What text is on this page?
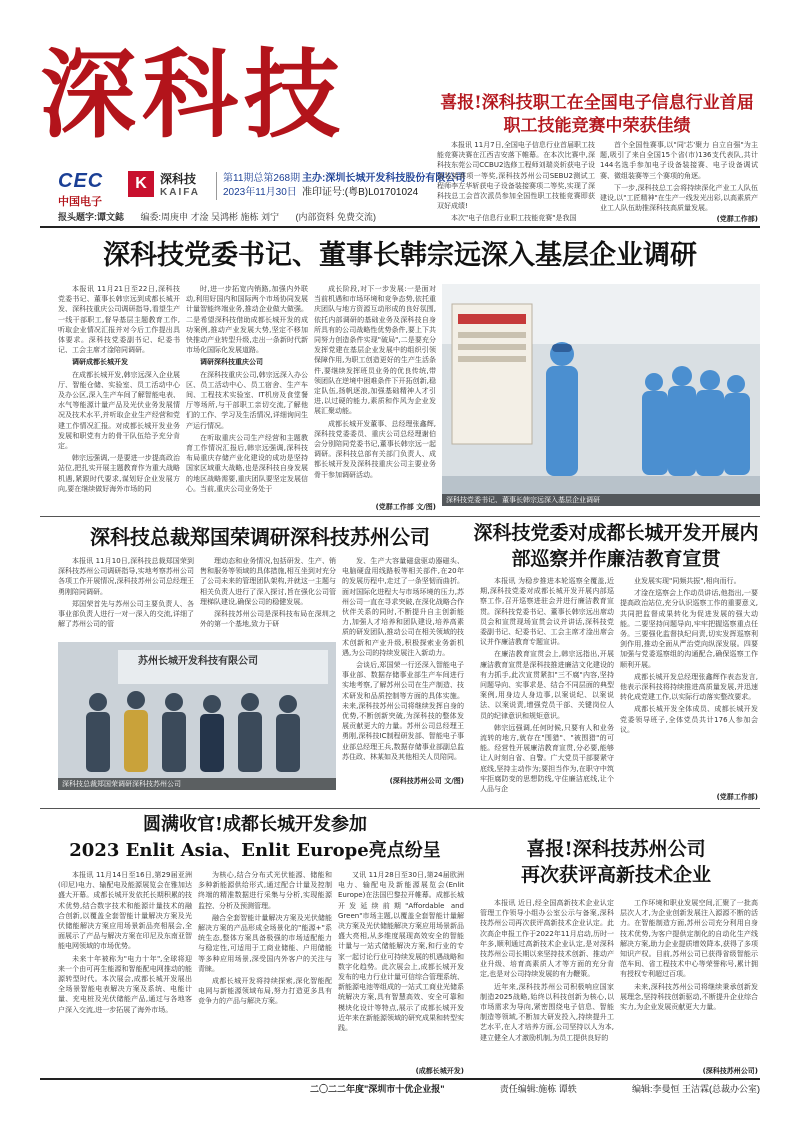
深科技
CEC
中国电子
K	深科技
KAIFA
第11期总第268期
2023年11月30日
主办:深圳长城开发科技股份有限公司
准印证号:(粤B)L01701024
报头题字:谭文鋕 编委:周庚申 才淦 吴鸿彬 施栋 刘宁 (内部资料 免费交流)
喜报!深科技职工在全国电子信息行业首届职工技能竞赛中荣获佳绩

本报讯 11月7日,全国电子信息行业首届职工技能竞赛决赛在江西吉安落下帷幕。在本次比赛中,深科技东莞公司CCBU2选修工程师刘瑞炎斩获电子设备装接赛项一等奖,深科技苏州公司SEBU2测试工程师李左华斩获电子设备装接赛项二等奖,实现了深科技总工会首次派员参加全国性职工技能竞赛即获双好成绩!

本次"电子信息行业职工技能竞赛"是我国

首个全国性赛事,以"同'芯'聚力 自立自强"为主题,吸引了来自全国15个省(市)136支代表队,共计144名选手参加电子设备装接赛、电子设备调试赛、微组装赛等三个赛项的角逐。

下一步,深科技总工会将持续深化产业工人队伍建设,以"工匠精神"在生产一线发光出彩,以高素质产业工人队伍助推深科技高质量发展。

(党群工作部)
深科技党委书记、董事长韩宗远深入基层企业调研

本报讯 11月21日至22日,深科技党委书记、董事长韩宗远到成都长城开发、深科技重庆公司调研指导,看望生产一线干部职工,督导基层主题教育工作,听取企业情况汇报并对今后工作提出具体要求。深科技党委副书记、纪委书记、工会主席才淦陪同调研。

调研成都长城开发

在成都长城开发,韩宗远深入企业展厅、智能仓储、实验室、员工活动中心及办公区,深入生产车间了解智能电表、水气等能源计量产品及光伏业务发展情况及技术水平,并听取企业生产经营和党建工作情况汇报。对成都长城开发业务发展和职党有力的骨干队伍给予充分肯定。

韩宗远强调,一是要进一步提高政治站位,把扎实开展主题教育作为重大战略机遇,紧跟时代要求,谋划好企业发展方向,要在继续做好海外市场的同

时,进一步拓宽内销路,加强内外联动,利用好国内和国际两个市场协同发展计量智能终端业务,推动企业做大做强。二是希望深科技借助成都长城开发的成功案例,推动产业发展大势,坚定不移加快推动产业转型升级,走出一条新时代新市场化国际化发展道路。

调研深科技重庆公司

在深科技重庆公司,韩宗远深入办公区、员工活动中心、员工宿舍、生产车间、工程技术实验室、IT机房及食堂餐厅等场所,与干部职工亲切交流,了解他们的工作、学习及生活情况,详细询问生产运行情况。

在听取重庆公司生产经营和主题教育工作情况汇报后,韩宗远强调,深科技布局重庆存储产业化建设的成功是坚持国家区域重大战略,也是深科技自身发展的地区战略需要,重庆团队要坚定发展信心。当前,重庆公司业务处于

成长阶段,对下一步发展:一是面对当前机遇和市场环境和竞争态势,依托重庆团队与地方资源互动形成的良好氛围,依托内部调研的基础业务及深科技自身所具有的公司战略性优势条件,要上下共同努力创造条件实现"破局",二是要充分发挥党建在基层企业发展中的组织引领保障作用,为职工创造更好的生产生活条件,要继续发挥班员业务的优良传统,带领团队在逆境中困难条件下开拓创新,稳定队伍,扬帆逐浪,加强基础精神人才引进,以过硬的能力,素质和作风为企业发展汇聚动能。

成都长城开发董事、总经理张鑫辉,深科技党委委员、重庆公司总经理谢伯会分别陪同党委书记,董事长韩宗远一起调研。深科技总部有关部门负责人、成都长城开发及深科技重庆公司主要业务骨干参加调研活动。

(党群工作部 文/图)
深科技党委书记、董事长韩宗远深入基层企业调研
深科技总裁郑国荣调研深科技苏州公司

本报讯 11月10日,深科技总裁郑国荣到深科技苏州公司调研指导,实地考察苏州公司各项工作开展情况,深科技苏州公司总经理王勇刚陪同调研。

郑国荣首先与苏州公司主要负责人、各事业部负责人进行一对一深入的交流,详细了解了苏州公司的管

理动态和业务情况,包括研发、生产、销售和服务等领域的具体措施,相互坐到对充分了公司未来的管理团队架构,并就这一主题与相关负责人进行了深入探讨,旨在强化公司管理梯队建设,确保公司的稳健发展。

深科技苏州公司是深科技布局在深圳之外的第一个基地,致力于研

发、生产大容量磁盘驱动器磁头、电脑硬盘用线路板等相关部件,在20年的发展历程中,走过了一条坚韧而曲折。面对国际化进程大与市场环境的压力,苏州公司一直在寻求突破,在深化战略合作伙伴关系的同时,不断提升自主创新能力,加强人才培养和团队建设,培养高素质的研发团队,推动公司在相关领域的技术创新和产业升级,积极探索业务新机遇,为公司的持续发展注入新动力。

会谈后,郑国荣一行还深入智能电子事业部、数据存储事业部生产车间进行实地考察,了解苏州公司在生产制造、技术研发和品质控制等方面的具体实施。未来,深科技苏州公司将继续发挥自身的优势,不断创新突破,为深科技的整体发展贡献更大的力量。苏州公司总经理王勇刚,深科技IC制程研发部、智能电子事业部总经理王兵,数据存储事业部副总监苏住政、林某如及其他相关人员陪同。

(深科技苏州公司 文/图)
苏州长城开发科技有限公司
深科技总裁郑国荣调研深科技苏州公司
深科技党委对成都长城开发开展内部巡察并作廉洁教育宣贯

本报讯 为稳步推进本轮巡察全覆盖,近期,深科技党委对成都长城开发开展内部巡察工作,召开巡察进驻会并进行廉洁教育宣贯。深科技党委书记、董事长韩宗远出席动员会和宣贯现场宣贯会议并讲话,深科技党委副书记、纪委书记、工会主席才淦出席会议并作廉洁教育专题宣讲。

在廉洁教育宣贯会上,韩宗远指出,开展廉洁教育宣贯是深科技推进廉洁文化建设的有力抓手,此次宣贯紧扣"三不腐"内容,坚持问题导向、实事求是、结合不同层面的典型案例,用身边人身边事,以案说纪、以案说法、以案说责,增强党员干部、关键岗位人员的纪律意识和规矩意识。

韩宗远强调,任何时候,只要有人和业务流转的地方,就存在"围猎"、"被围猎"的可能。经营性开展廉洁教育宣贯,分必要,能够让人时刻自省、自警。广大党员干部要紧守底线,坚持主动作为;要担当作为,在职守中筑牢拒腐防变的思想防线,守住廉洁底线,让个人品与企

业发展实现"同频共振",相向而行。

才淦在巡察会上作动员讲话,他指出,一要提高政治站位,充分认识巡察工作的重要意义,共同把监督成果转化为促进发展的强大动能。二要坚持问题导向,牢牢把握巡察重点任务。三要强化监督执纪问责,切实发挥巡察利剑作用,推动全面从严治党向纵深发展。四要加强与党委巡察组的沟通配合,确保巡察工作顺利开展。

成都长城开发总经理张鑫辉作表态发言,他表示深科技将持续推进高质量发展,并迅速转化成党建工作,以实际行动落实整改要求。

成都长城开发全体成员、成都长城开发党委领导班子,全体党员共计176人参加会议。

(党群工作部)
圆满收官!成都长城开发参加
2023 Enlit Asia、Enlit Europe亮点纷呈

本报讯 11月14日至16日,第29届亚洲(印尼)电力、输配电及能源展览会在雅加达盛大开幕。成都长城开发依托长期积累的技术优势,结合数字技术和能源计量技术的融合创新,以覆盖全套智能计量解决方案及光伏储能解决方案应用场景新品亮相展会,全面展示了产品与解决方案在印尼及东南亚智能电网领域的市场优势。

未来十年被称为"电力十年",全球将迎来一个由可再生能源和智能配电网推动的能源转型时代。本次展会,成都长城开发展出全场景智能电表解决方案及系统、电能计量、充电桩及光伏储能产品,通过与各地客户深入交流,进一步拓展了海外市场。

为核心,结合分布式光伏能源、储能和多种新能源供给形式,通过配合计量及控制终端的精准数据进行采集与分析,实现能源监控、分析及预测管理。

融合全套智能计量解决方案及光伏储能解决方案的产品形成全场景化的"能源+"系统生态,整体方案具备极强的市场适配能力与稳定性,可适用于工商业储能、户用储能等多种应用场景,深受国内外客户的关注与青睐。

成都长城开发将持续探索,深化智能配电网与新能源领域布局,努力打造更多具有竞争力的产品与解决方案。

又讯 11月28日至30日,第24届欧洲电力、输配电及新能源展览会(Enlit Europe)在法国巴黎拉开帷幕。成都长城开发延续前期"Affordable and Green"市场主题,以覆盖全套智能计量解决方案及光伏储能解决方案应用场景新品盛大亮相,从多维度展现高效安全的智能计量与一站式储能解决方案,和行业的专家一起讨论行业可持续发展的机遇战略和数字化趋势。此次展会上,成都长城开发发布的电力行业计量可信综合管理系统、新能源电池等组成的一站式工商业光储系统解决方案,具有智慧高效、安全可靠和模块化设计等特点,展示了成都长城开发近年来在新能源领域的研究成果和转型实践。

(成都长城开发)
喜报!深科技苏州公司
再次获评高新技术企业

本报讯 近日,经全国高新技术企业认定管理工作领导小组办公室公示与备案,深科技苏州公司再次获评高新技术企业认定。此次高企申报工作于2022年11月启动,历时一年多,顺利通过高新技术企业认定,是对深科技苏州公司长期以来坚持技术创新、推动产业升级、培育高素质人才等方面的充分肯定,也是对公司持续发展的有力鞭策。

近年来,深科技苏州公司积极响应国家制造2025战略,始终以科技创新为核心,以市场需求为导向,紧密围绕电子信息、智能制造等领域,不断加大研发投入,持续提升工艺水平,在人才培养方面,公司坚持以人为本,建立健全人才激励机制,为员工提供良好的

工作环境和职业发展空间,汇聚了一批高层次人才,为企业创新发展注入源源不断的活力。在智能制造方面,苏州公司充分利用自身技术优势,为客户提供定制化的自动化生产线解决方案,助力企业提质增效降本,获得了多项知识产权。目前,苏州公司已获得省级智能示范车间、省工程技术中心等荣誉称号,累计拥有授权专利超过百项。

未来,深科技苏州公司将继续秉承创新发展理念,坚持科技创新驱动,不断提升企业综合实力,为企业发展贡献更大力量。

(深科技苏州公司)
二〇二二年度"深圳市十优企业报"	责任编辑:施栋 谭轶	编辑:李曼恒 王洁霖(总裁办公室)
